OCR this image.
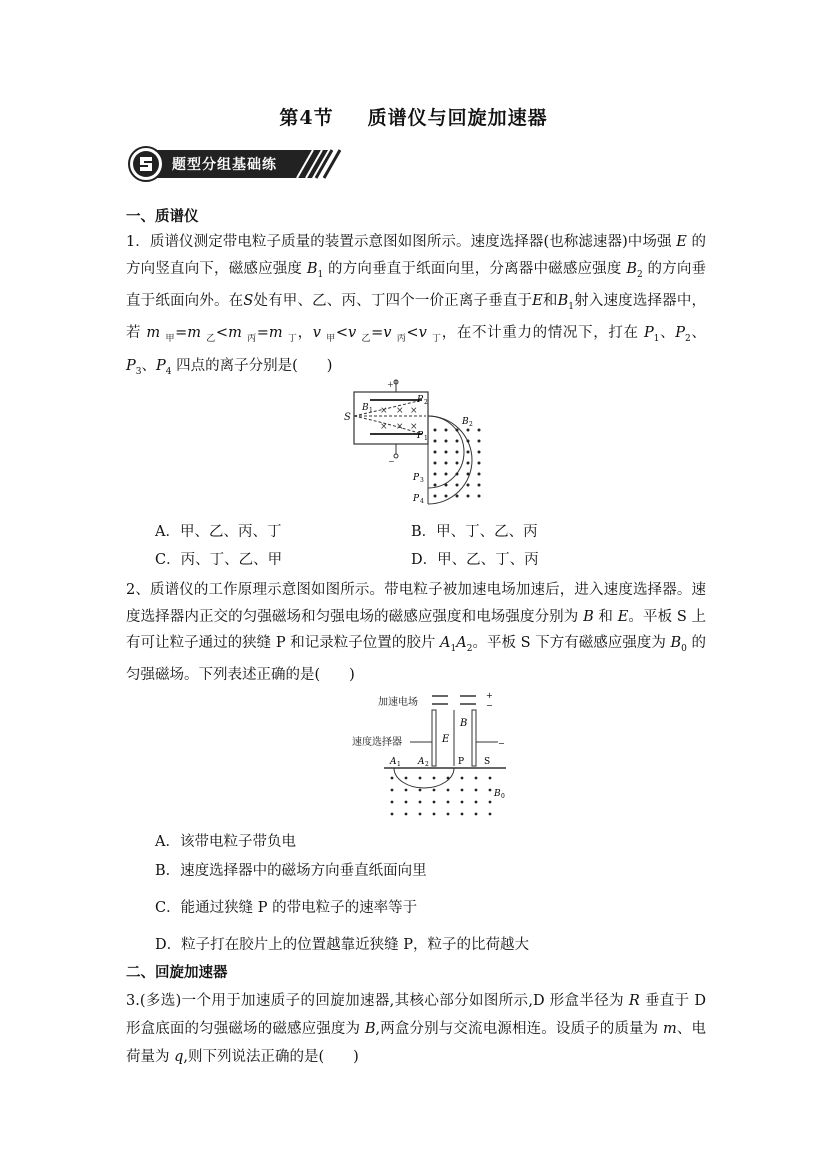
第4节 质谱仪与回旋加速器
题型分组基础练
一、质谱仪
1．质谱仪测定带电粒子质量的装置示意图如图所示。速度选择器(也称滤速器)中场强 E 的方向竖直向下，磁感应强度 $B_1$ 的方向垂直于纸面向里，分离器中磁感应强度 $B_2$ 的方向垂直于纸面向外。在S处有甲、乙、丙、丁四个一价正离子垂直于E和$B_1$射入速度选择器中，若 m $_甲$=m $_乙$<m $_丙$=m $_丁$，v $_甲$<v $_乙$=v $_丙$<v $_丁$，在不计重力的情况下，打在 $P_1$、$P_2$、$P_3$、$P_4$ 四点的离子分别是(　　)
+
−
S
B 1 × × ×
× × ×
P 2
P 1
B 2
P 3
P 4
A．甲、乙、丙、丁	B．甲、丁、乙、丙
C．丙、丁、乙、甲	D．甲、乙、丁、丙
2、质谱仪的工作原理示意图如图所示。带电粒子被加速电场加速后，进入速度选择器。速度选择器内正交的匀强磁场和匀强电场的磁感应强度和电场强度分别为 B 和 E。平板 S 上有可让粒子通过的狭缝 P 和记录粒子位置的胶片 $A_1A_2$。平板 S 下方有磁感应强度为 $B_0$ 的匀强磁场。下列表述正确的是(　　)
加速电场
+
−
速度选择器	−
B
E
A 1 A 2	P S
B 0
A．该带电粒子带负电
B．速度选择器中的磁场方向垂直纸面向里
C．能通过狭缝 P 的带电粒子的速率等于
D．粒子打在胶片上的位置越靠近狭缝 P，粒子的比荷越大
二、回旋加速器
3.(多选)一个用于加速质子的回旋加速器,其核心部分如图所示,D 形盒半径为 R 垂直于 D 形盒底面的匀强磁场的磁感应强度为 B,两盒分别与交流电源相连。设质子的质量为 m、电荷量为 q,则下列说法正确的是(　　)
